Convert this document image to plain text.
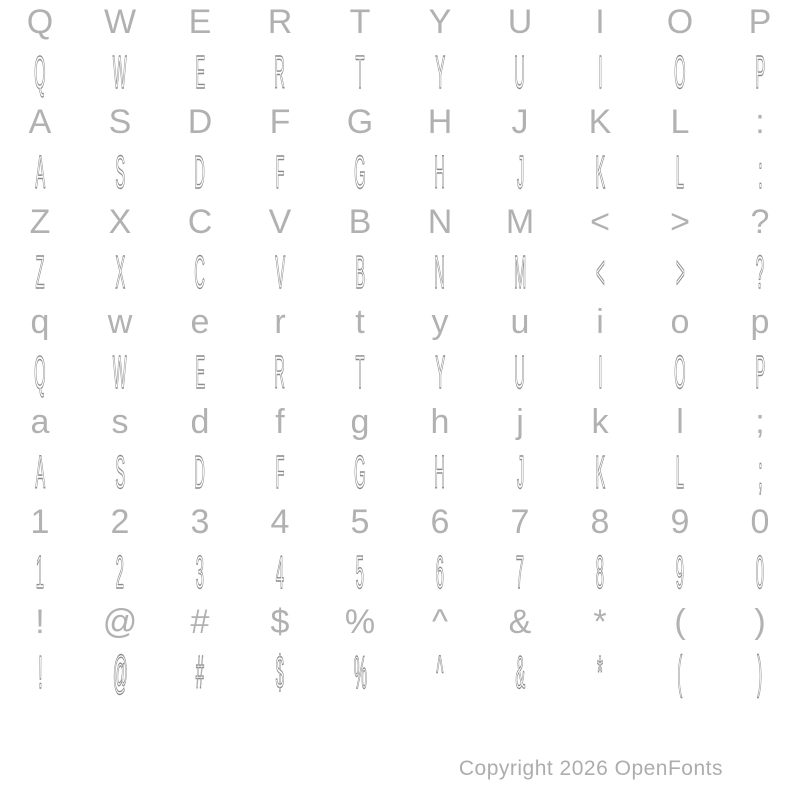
Q	W	E	R	T	Y	U	I	O	P
Q W E R T Y U I O P
A	S	D	F	G	H	J	K	L	:
A S D F G H J K L :
Z	X	C	V	B	N	M	<	>	?
Z X C V B N M < > ?
q	w	e	r	t	y	u	i	o	p
Q W E R T Y U I O P
a	s	d	f	g	h	j	k	l	;
A S D F G H J K L ;
1	2	3	4	5	6	7	8	9	0
1 2 3 4 5 6 7 8 9 0
!	@	#	$	%	^	&	*	(	)
! @ # $ % ^ & * ( )
Copyright 2026 OpenFonts
